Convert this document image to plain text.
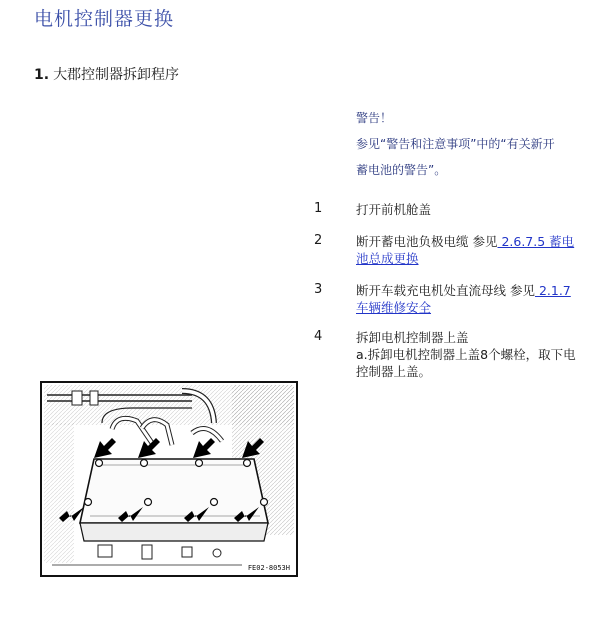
电机控制器更换
1. 大郡控制器拆卸程序
警告！
参见“警告和注意事项”中的“有关新开
蓄电池的警告”。
1	打开前机舱盖
2	断开蓄电池负极电缆 参见 2.6.7.5 蓄电
池总成更换
3	断开车载充电机处直流母线 参见 2.1.7
车辆维修安全
4	拆卸电机控制器上盖
a.拆卸电机控制器上盖8个螺栓，取下电
控制器上盖。
FE02-8053H
